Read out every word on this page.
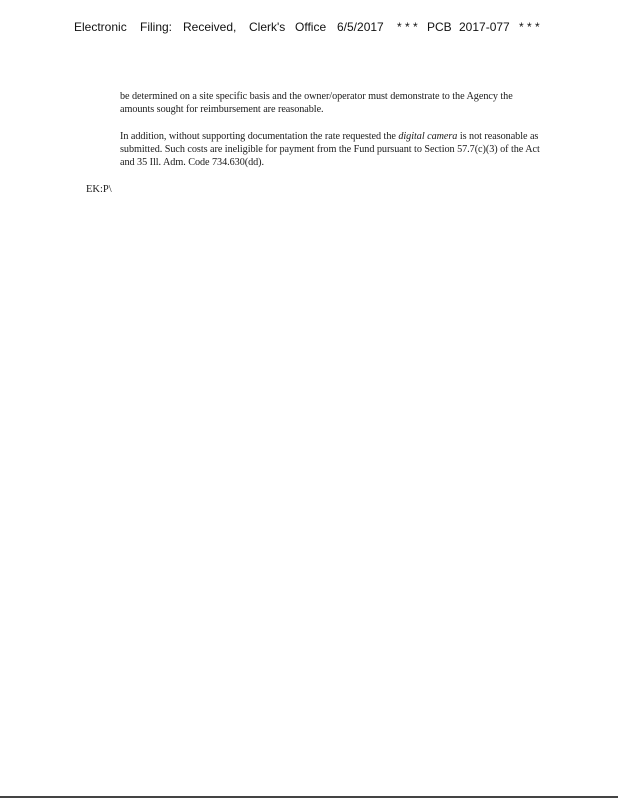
Electronic	Filing: Received,	Clerk's Office 6/5/2017	* * * PCB 2017-077 * * *
be determined on a site specific basis and the owner/operator must demonstrate to the Agency the amounts sought for reimbursement are reasonable.
In addition, without supporting documentation the rate requested the digital camera is not reasonable as submitted. Such costs are ineligible for payment from the Fund pursuant to Section 57.7(c)(3) of the Act and 35 Ill. Adm. Code 734.630(dd).
EK:P\
